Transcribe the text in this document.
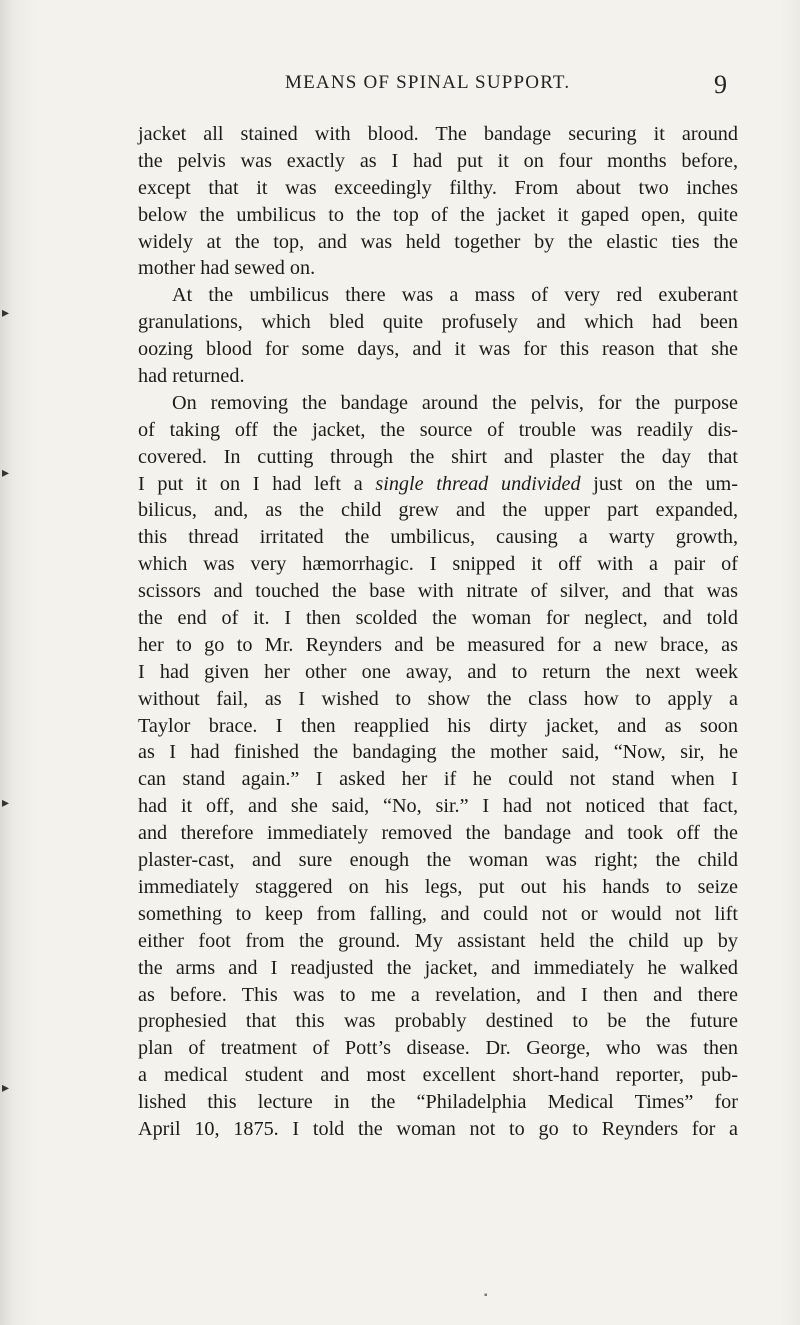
MEANS OF SPINAL SUPPORT.	9
jacket all stained with blood. The bandage securing it around
the pelvis was exactly as I had put it on four months before,
except that it was exceedingly filthy. From about two inches
below the umbilicus to the top of the jacket it gaped open, quite
widely at the top, and was held together by the elastic ties the
mother had sewed on.
At the umbilicus there was a mass of very red exuberant
granulations, which bled quite profusely and which had been
oozing blood for some days, and it was for this reason that she
had returned.
On removing the bandage around the pelvis, for the purpose
of taking off the jacket, the source of trouble was readily dis-
covered. In cutting through the shirt and plaster the day that
I put it on I had left a single thread undivided just on the um-
bilicus, and, as the child grew and the upper part expanded,
this thread irritated the umbilicus, causing a warty growth,
which was very hæmorrhagic. I snipped it off with a pair of
scissors and touched the base with nitrate of silver, and that was
the end of it. I then scolded the woman for neglect, and told
her to go to Mr. Reynders and be measured for a new brace, as
I had given her other one away, and to return the next week
without fail, as I wished to show the class how to apply a
Taylor brace. I then reapplied his dirty jacket, and as soon
as I had finished the bandaging the mother said, “Now, sir, he
can stand again.” I asked her if he could not stand when I
had it off, and she said, “No, sir.” I had not noticed that fact,
and therefore immediately removed the bandage and took off the
plaster-cast, and sure enough the woman was right; the child
immediately staggered on his legs, put out his hands to seize
something to keep from falling, and could not or would not lift
either foot from the ground. My assistant held the child up by
the arms and I readjusted the jacket, and immediately he walked
as before. This was to me a revelation, and I then and there
prophesied that this was probably destined to be the future
plan of treatment of Pott’s disease. Dr. George, who was then
a medical student and most excellent short-hand reporter, pub-
lished this lecture in the “Philadelphia Medical Times” for
April 10, 1875. I told the woman not to go to Reynders for a
▸
▸
▸
▸
▪
